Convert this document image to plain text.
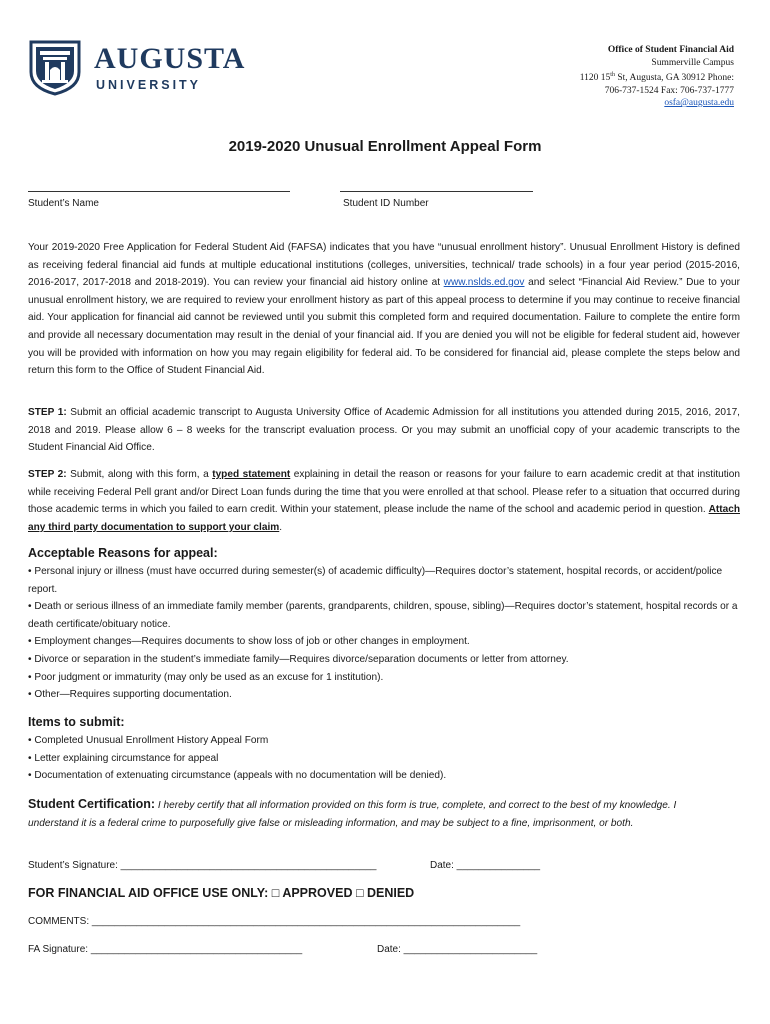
AUGUSTA
UNIVERSITY
Office of Student Financial Aid
Summerville Campus
1120 15th St, Augusta, GA 30912 Phone:
706-737-1524 Fax: 706-737-1777
osfa@augusta.edu
2019-2020 Unusual Enrollment Appeal Form
Student’s Name	Student ID Number

Your 2019-2020 Free Application for Federal Student Aid (FAFSA) indicates that you have “unusual enrollment history”. Unusual Enrollment History is defined as receiving federal financial aid funds at multiple educational institutions (colleges, universities, technical/ trade schools) in a four year period (2015-2016, 2016-2017, 2017-2018 and 2018-2019). You can review your financial aid history online at www.nslds.ed.gov and select “Financial Aid Review.” Due to your unusual enrollment history, we are required to review your enrollment history as part of this appeal process to determine if you may continue to receive financial aid. Your application for financial aid cannot be reviewed until you submit this completed form and required documentation. Failure to complete the entire form and provide all necessary documentation may result in the denial of your financial aid. If you are denied you will not be eligible for federal student aid, however you will be provided with information on how you may regain eligibility for federal aid. To be considered for financial aid, please complete the steps below and return this form to the Office of Student Financial Aid.

STEP 1: Submit an official academic transcript to Augusta University Office of Academic Admission for all institutions you attended during 2015, 2016, 2017, 2018 and 2019. Please allow 6 – 8 weeks for the transcript evaluation process. Or you may submit an unofficial copy of your academic transcripts to the Student Financial Aid Office.

STEP 2: Submit, along with this form, a typed statement explaining in detail the reason or reasons for your failure to earn academic credit at that institution while receiving Federal Pell grant and/or Direct Loan funds during the time that you were enrolled at that school. Please refer to a situation that occurred during those academic terms in which you failed to earn credit. Within your statement, please include the name of the school and academic period in question. Attach any third party documentation to support your claim.

Acceptable Reasons for appeal:
• Personal injury or illness (must have occurred during semester(s) of academic difficulty)—Requires doctor’s statement, hospital records, or accident/police report.
• Death or serious illness of an immediate family member (parents, grandparents, children, spouse, sibling)—Requires doctor’s statement, hospital records or a death certificate/obituary notice.
• Employment changes—Requires documents to show loss of job or other changes in employment.
• Divorce or separation in the student’s immediate family—Requires divorce/separation documents or letter from attorney.
• Poor judgment or immaturity (may only be used as an excuse for 1 institution).
• Other—Requires supporting documentation.
Items to submit:
• Completed Unusual Enrollment History Appeal Form
• Letter explaining circumstance for appeal
• Documentation of extenuating circumstance (appeals with no documentation will be denied).

Student Certification: I hereby certify that all information provided on this form is true, complete, and correct to the best of my knowledge. I understand it is a federal crime to purposefully give false or misleading information, and may be subject to a fine, imprisonment, or both.

Student’s Signature: ______________________________________________	Date: _______________
FOR FINANCIAL AID OFFICE USE ONLY: □ APPROVED □ DENIED
COMMENTS: _____________________________________________________________________________
FA Signature: ______________________________________	Date: ________________________
